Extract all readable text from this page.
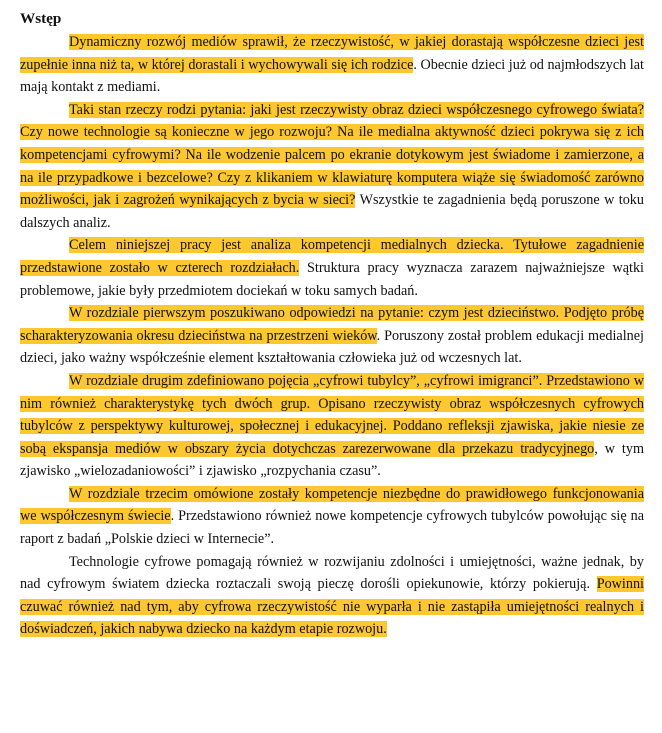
Wstęp

Dynamiczny rozwój mediów sprawił, że rzeczywistość, w jakiej dorastają współczesne dzieci jest zupełnie inna niż ta, w której dorastali i wychowywali się ich rodzice. Obecnie dzieci już od najmłodszych lat mają kontakt z mediami.

Taki stan rzeczy rodzi pytania: jaki jest rzeczywisty obraz dzieci współczesnego cyfrowego świata? Czy nowe technologie są konieczne w jego rozwoju? Na ile medialna aktywność dzieci pokrywa się z ich kompetencjami cyfrowymi? Na ile wodzenie palcem po ekranie dotykowym jest świadome i zamierzone, a na ile przypadkowe i bezcelowe? Czy z klikaniem w klawiaturę komputera wiąże się świadomość zarówno możliwości, jak i zagrożeń wynikających z bycia w sieci? Wszystkie te zagadnienia będą poruszone w toku dalszych analiz.

Celem niniejszej pracy jest analiza kompetencji medialnych dziecka. Tytułowe zagadnienie przedstawione zostało w czterech rozdziałach. Struktura pracy wyznacza zarazem najważniejsze wątki problemowe, jakie były przedmiotem dociekań w toku samych badań.

W rozdziale pierwszym poszukiwano odpowiedzi na pytanie: czym jest dzieciństwo. Podjęto próbę scharakteryzowania okresu dzieciństwa na przestrzeni wieków. Poruszony został problem edukacji medialnej dzieci, jako ważny współcześnie element kształtowania człowieka już od wczesnych lat.

W rozdziale drugim zdefiniowano pojęcia „cyfrowi tubylcy”, „cyfrowi imigranci”. Przedstawiono w nim również charakterystykę tych dwóch grup. Opisano rzeczywisty obraz współczesnych cyfrowych tubylców z perspektywy kulturowej, społecznej i edukacyjnej. Poddano refleksji zjawiska, jakie niesie ze sobą ekspansja mediów w obszary życia dotychczas zarezerwowane dla przekazu tradycyjnego, w tym zjawisko „wielozadaniowości” i zjawisko „rozpychania czasu”.

W rozdziale trzecim omówione zostały kompetencje niezbędne do prawidłowego funkcjonowania we współczesnym świecie. Przedstawiono również nowe kompetencje cyfrowych tubylców powołując się na raport z badań „Polskie dzieci w Internecie”.

Technologie cyfrowe pomagają również w rozwijaniu zdolności i umiejętności, ważne jednak, by nad cyfrowym światem dziecka roztaczali swoją pieczę dorośli opiekunowie, którzy pokierują. Powinni czuwać również nad tym, aby cyfrowa rzeczywistość nie wyparła i nie zastąpiła umiejętności realnych i doświadczeń, jakich nabywa dziecko na każdym etapie rozwoju.
